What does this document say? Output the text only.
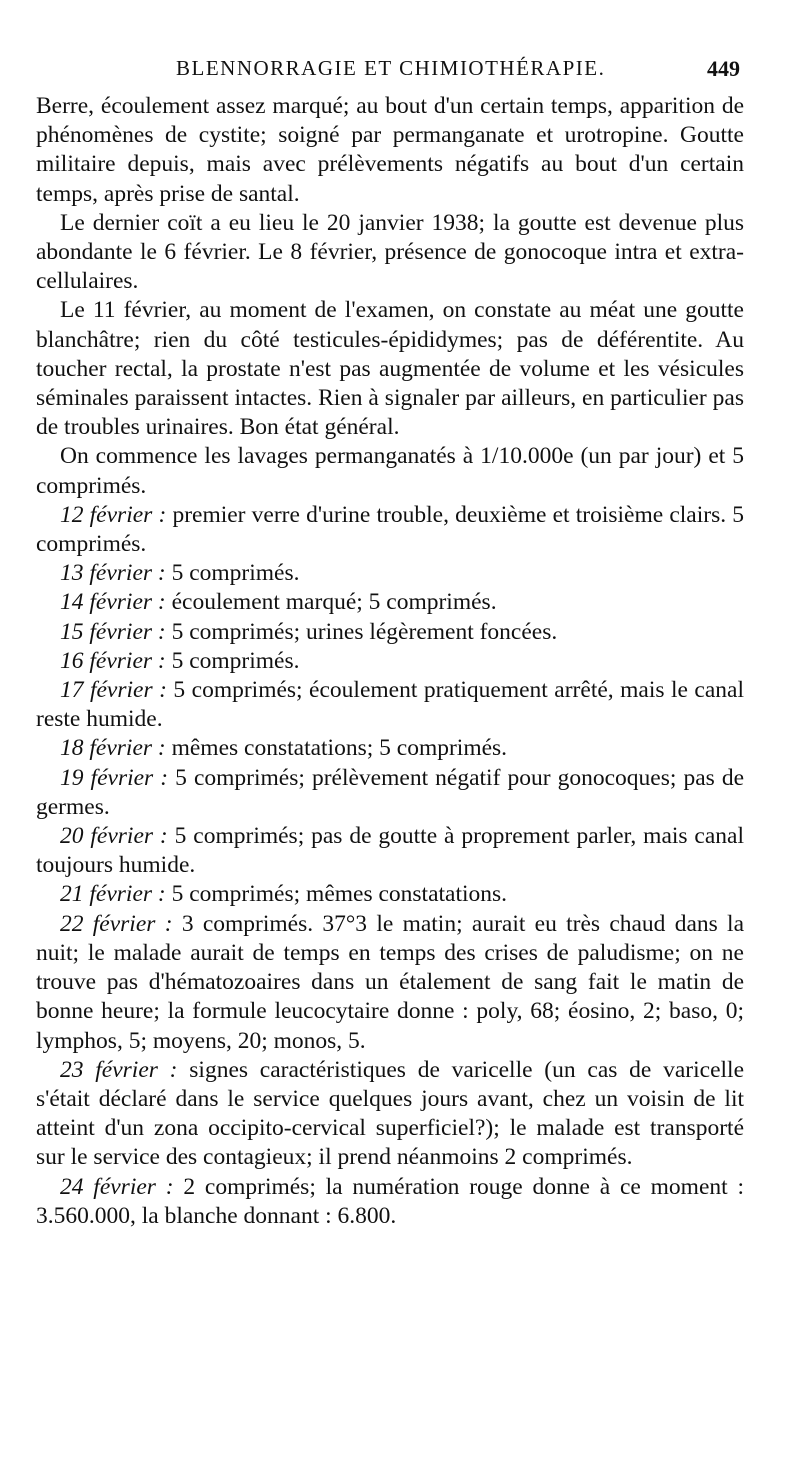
BLENNORRAGIE ET CHIMIOTHÉRAPIE.	449

Berre, écoulement assez marqué; au bout d'un certain temps, apparition de phénomènes de cystite; soigné par permanganate et urotropine. Goutte militaire depuis, mais avec prélèvements négatifs au bout d'un certain temps, après prise de santal.

Le dernier coït a eu lieu le 20 janvier 1938; la goutte est devenue plus abondante le 6 février. Le 8 février, présence de gonocoque intra et extra-cellulaires.

Le 11 février, au moment de l'examen, on constate au méat une goutte blanchâtre; rien du côté testicules-épididymes; pas de déférentite. Au toucher rectal, la prostate n'est pas augmentée de volume et les vésicules séminales paraissent intactes. Rien à signaler par ailleurs, en particulier pas de troubles urinaires. Bon état général.

On commence les lavages permanganatés à 1/10.000e (un par jour) et 5 comprimés.

12 février : premier verre d'urine trouble, deuxième et troisième clairs. 5 comprimés.

13 février : 5 comprimés.

14 février : écoulement marqué; 5 comprimés.

15 février : 5 comprimés; urines légèrement foncées.

16 février : 5 comprimés.

17 février : 5 comprimés; écoulement pratiquement arrêté, mais le canal reste humide.

18 février : mêmes constatations; 5 comprimés.

19 février : 5 comprimés; prélèvement négatif pour gonocoques; pas de germes.

20 février : 5 comprimés; pas de goutte à proprement parler, mais canal toujours humide.

21 février : 5 comprimés; mêmes constatations.

22 février : 3 comprimés. 37°3 le matin; aurait eu très chaud dans la nuit; le malade aurait de temps en temps des crises de paludisme; on ne trouve pas d'hématozoaires dans un étalement de sang fait le matin de bonne heure; la formule leucocytaire donne : poly, 68; éosino, 2; baso, 0; lymphos, 5; moyens, 20; monos, 5.

23 février : signes caractéristiques de varicelle (un cas de varicelle s'était déclaré dans le service quelques jours avant, chez un voisin de lit atteint d'un zona occipito-cervical superficiel?); le malade est transporté sur le service des contagieux; il prend néanmoins 2 comprimés.

24 février : 2 comprimés; la numération rouge donne à ce moment : 3.560.000, la blanche donnant : 6.800.
